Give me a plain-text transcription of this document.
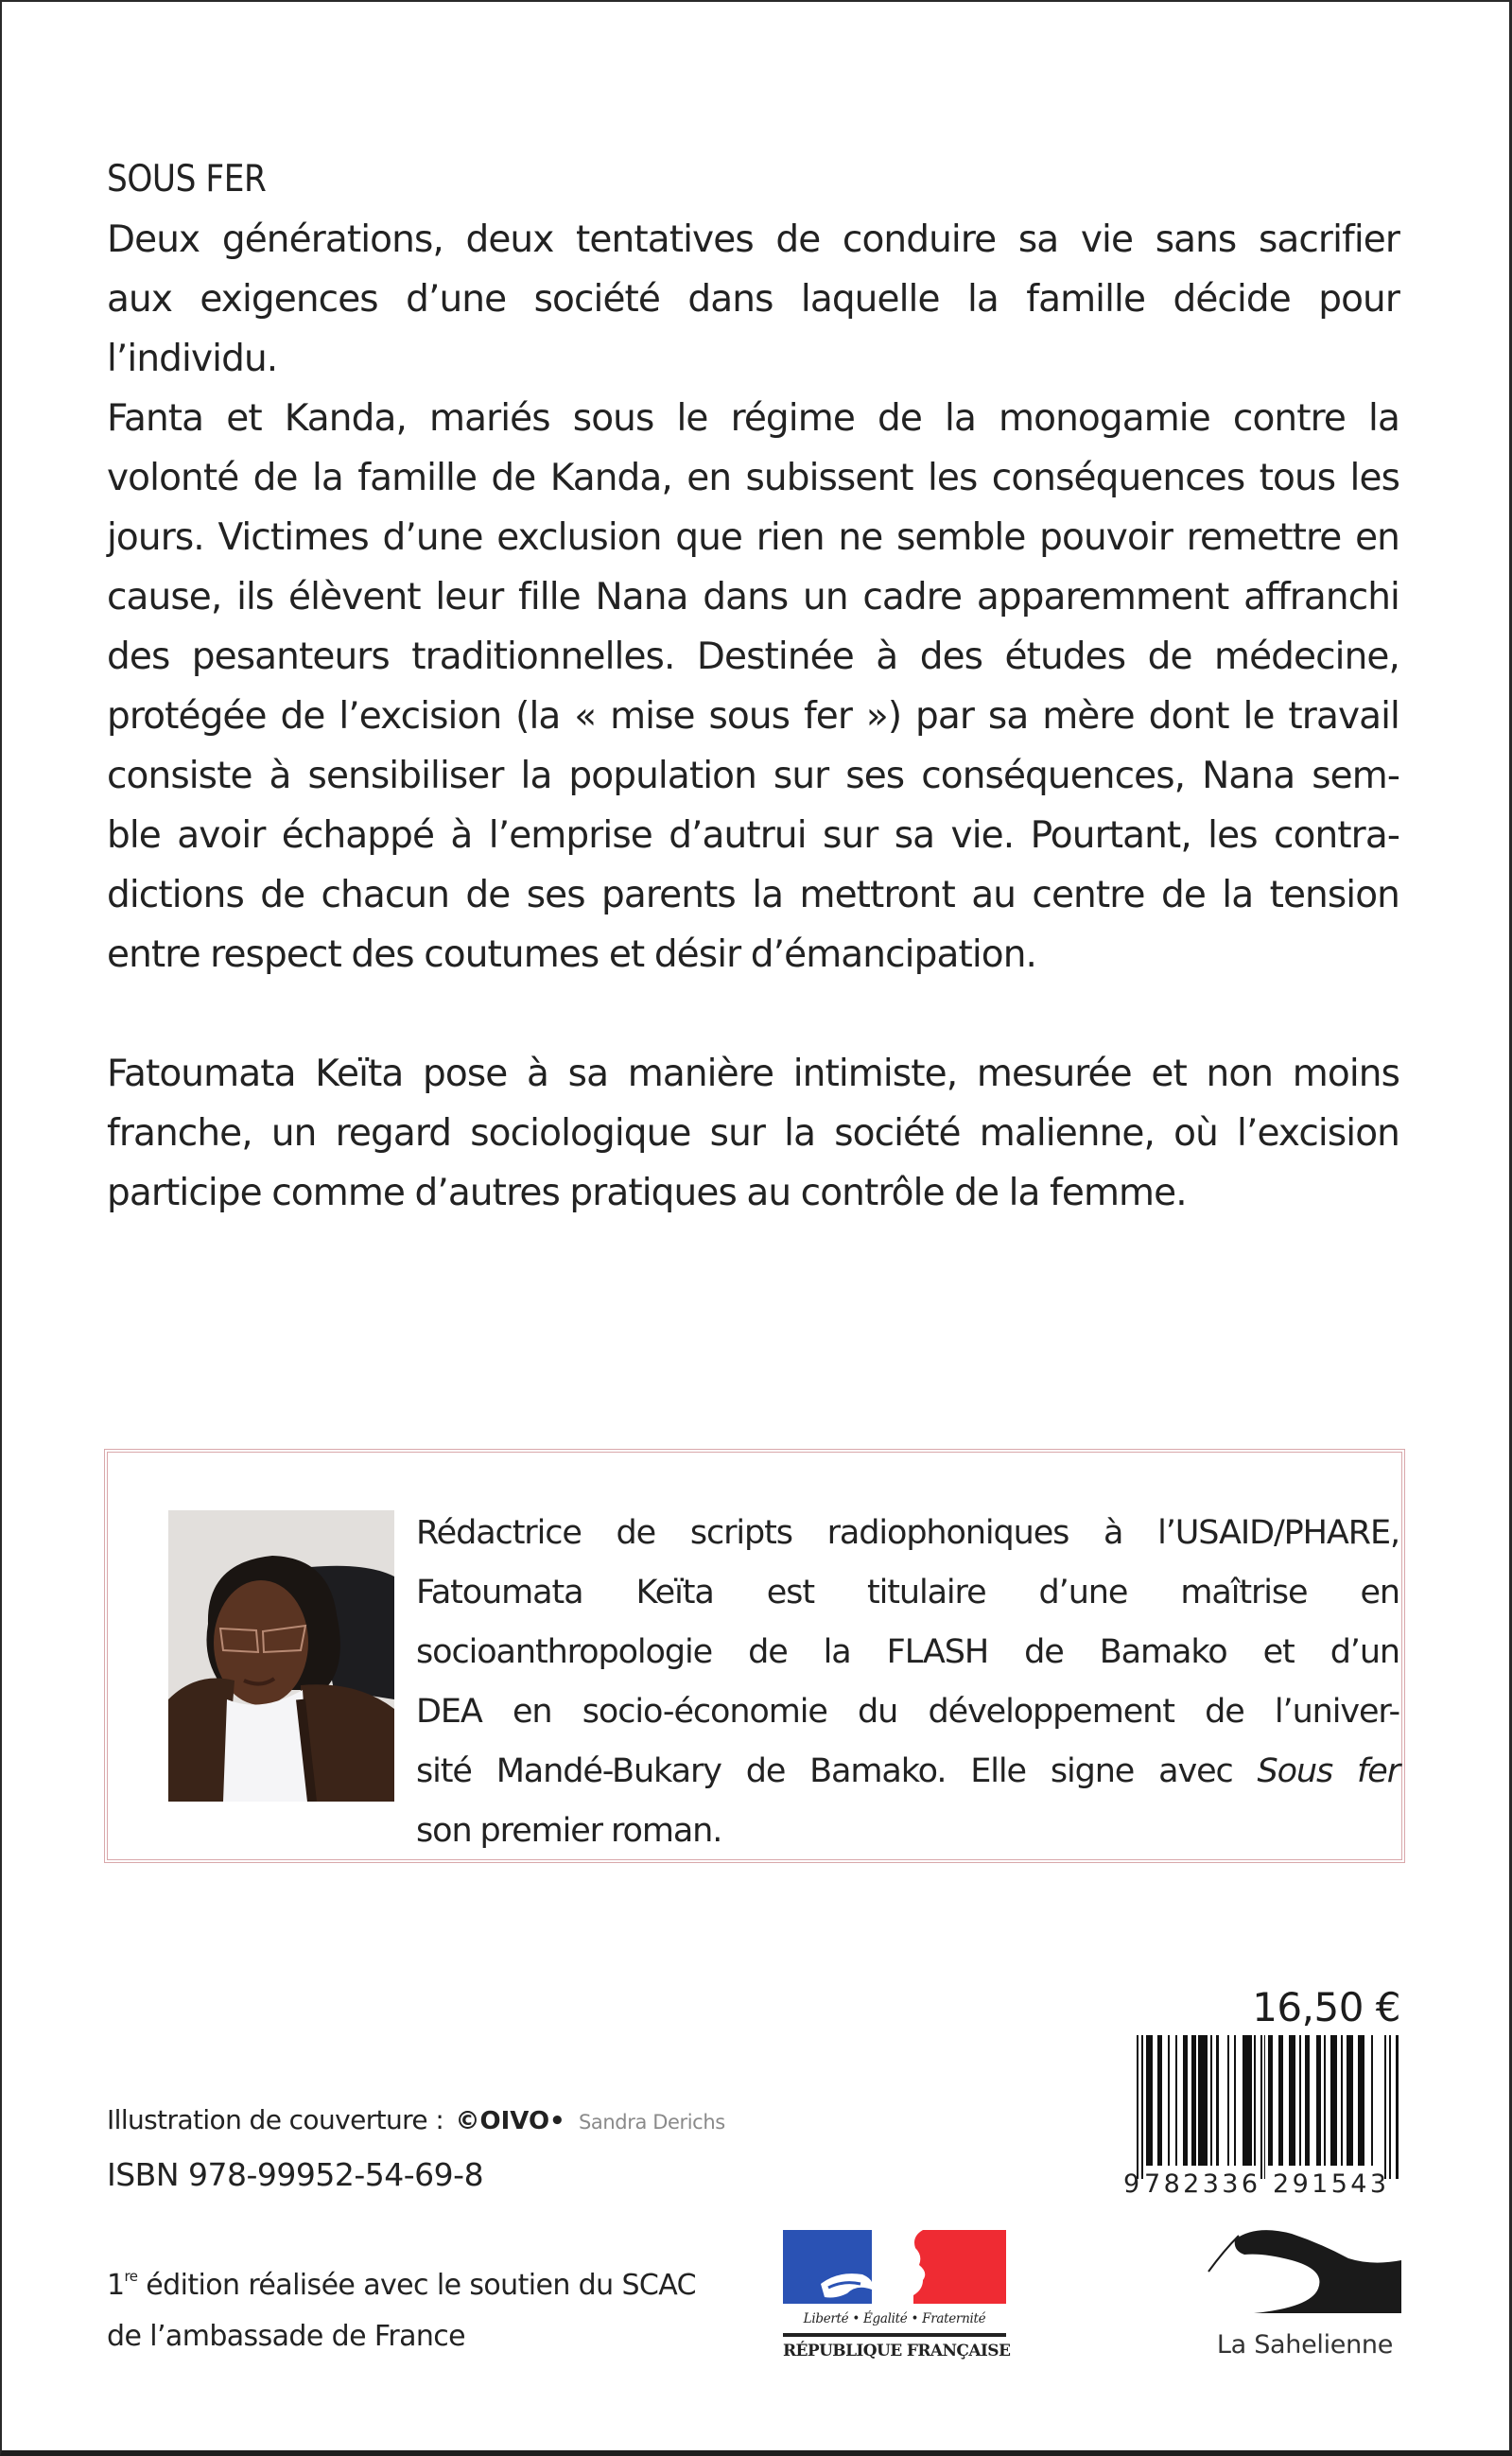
SOUS FER
Deux générations, deux tentatives de conduire sa vie sans sacrifier
aux exigences d’une société dans laquelle la famille décide pour
l’individu.
Fanta et Kanda, mariés sous le régime de la monogamie contre la
volonté de la famille de Kanda, en subissent les conséquences tous les
jours. Victimes d’une exclusion que rien ne semble pouvoir remettre en
cause, ils élèvent leur fille Nana dans un cadre apparemment affranchi
des pesanteurs traditionnelles. Destinée à des études de médecine,
protégée de l’excision (la « mise sous fer ») par sa mère dont le travail
consiste à sensibiliser la population sur ses conséquences, Nana sem-
ble avoir échappé à l’emprise d’autrui sur sa vie. Pourtant, les contra-
dictions de chacun de ses parents la mettront au centre de la tension
entre respect des coutumes et désir d’émancipation.
Fatoumata Keïta pose à sa manière intimiste, mesurée et non moins
franche, un regard sociologique sur la société malienne, où l’excision
participe comme d’autres pratiques au contrôle de la femme.
Rédactrice de scripts radiophoniques à l’USAID/PHARE,
Fatoumata Keïta est titulaire d’une maîtrise en
socioanthropologie de la FLASH de Bamako et d’un
DEA en socio-économie du développement de l’univer-
sité Mandé-Bukary de Bamako. Elle signe avec Sous fer
son premier roman.
16,50 €
9 782336 291543
Illustration de couverture : ©OIVO• Sandra Derichs
ISBN 978-99952-54-69-8
1re édition réalisée avec le soutien du SCAC
de l’ambassade de France
Liberté • Égalité • Fraternité
RÉPUBLIQUE FRANÇAISE	La Sahelienne
